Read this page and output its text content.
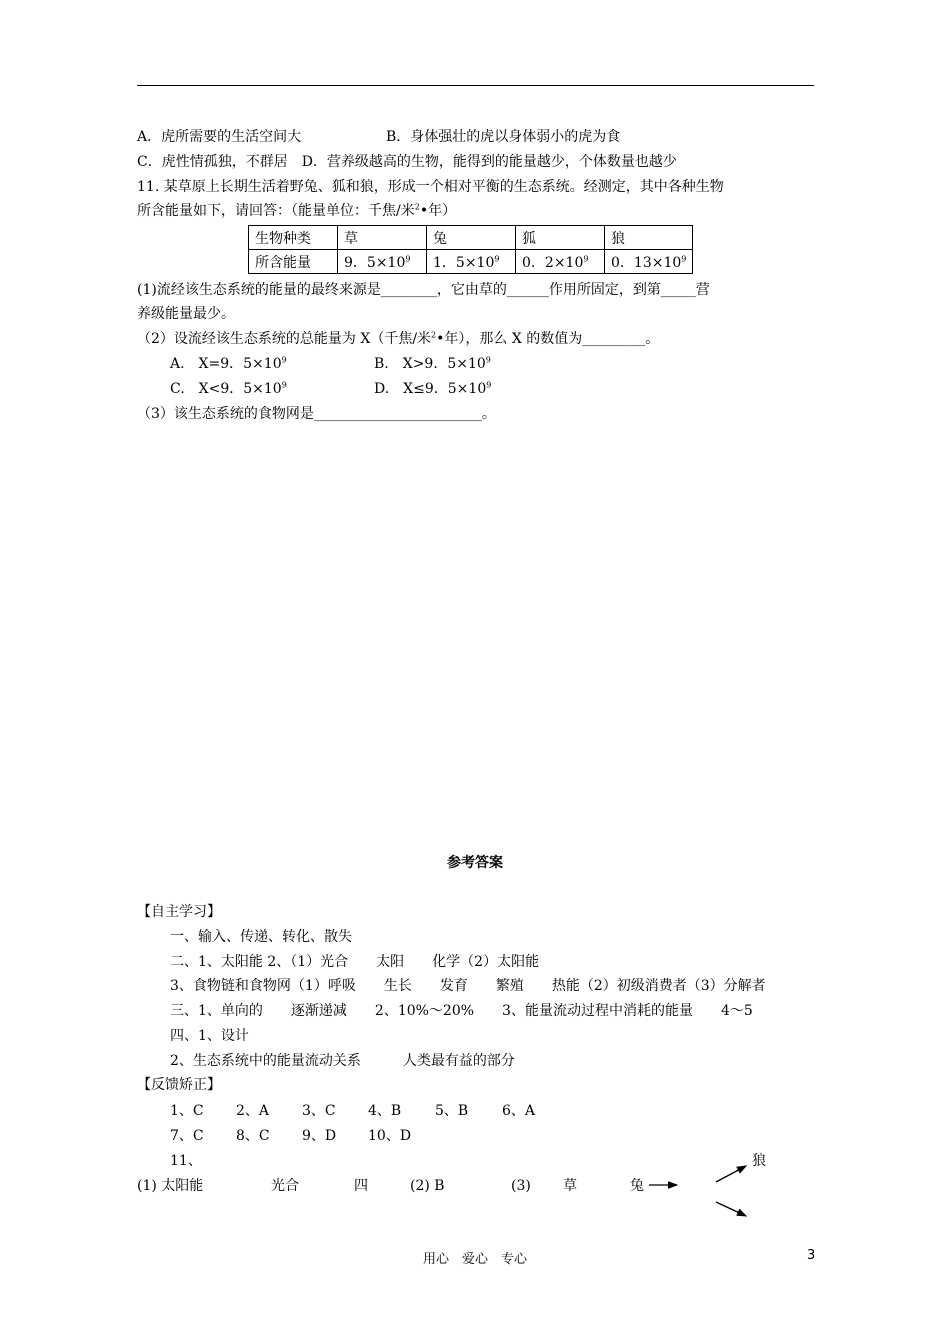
A．虎所需要的生活空间大	B．身体强壮的虎以身体弱小的虎为食
C．虎性情孤独，不群居　D．营养级越高的生物，能得到的能量越少，个体数量也越少
11. 某草原上长期生活着野兔、狐和狼，形成一个相对平衡的生态系统。经测定，其中各种生物
所含能量如下，请回答：（能量单位：千焦/米$^2$•年）
生物种类	草	兔	狐	狼
所含能量	9．$5\times 10^9$	1．$5\times 10^9$	0．$2\times 10^9$	0．$13\times 10^9$
(1)流经该生态系统的能量的最终来源是________，它由草的______作用所固定，到第_____营
养级能量最少。
（2）设流经该生态系统的总能量为 X（千焦/米$^2$•年），那么 X 的数值为_________。
A.　X=9．$5\times 10^9$	B.　X>9．$5\times 10^9$
C.　X<9．$5\times 10^9$	D.　X≤9．$5\times 10^9$
（3）该生态系统的食物网是________________________。
参考答案
【自主学习】
一、输入、传递、转化、散失
二、1、太阳能 2、（1）光合　　太阳　　化学（2）太阳能
3、食物链和食物网（1）呼吸　　生长　　发育　　繁殖　　热能（2）初级消费者（3）分解者
三、1、单向的　　逐渐递减　　2、10%～20%　　3、能量流动过程中消耗的能量　　4～5
四、1、设计
2、生态系统中的能量流动关系　　　人类最有益的部分
【反馈矫正】
1、C 2、A 3、C 4、B 5、B 6、A
7、C 8、C 9、D 10、D
11、	狼
(1) 太阳能	光合	四	(2) B	(3) 草	兔
用心　爱心　专心	3
